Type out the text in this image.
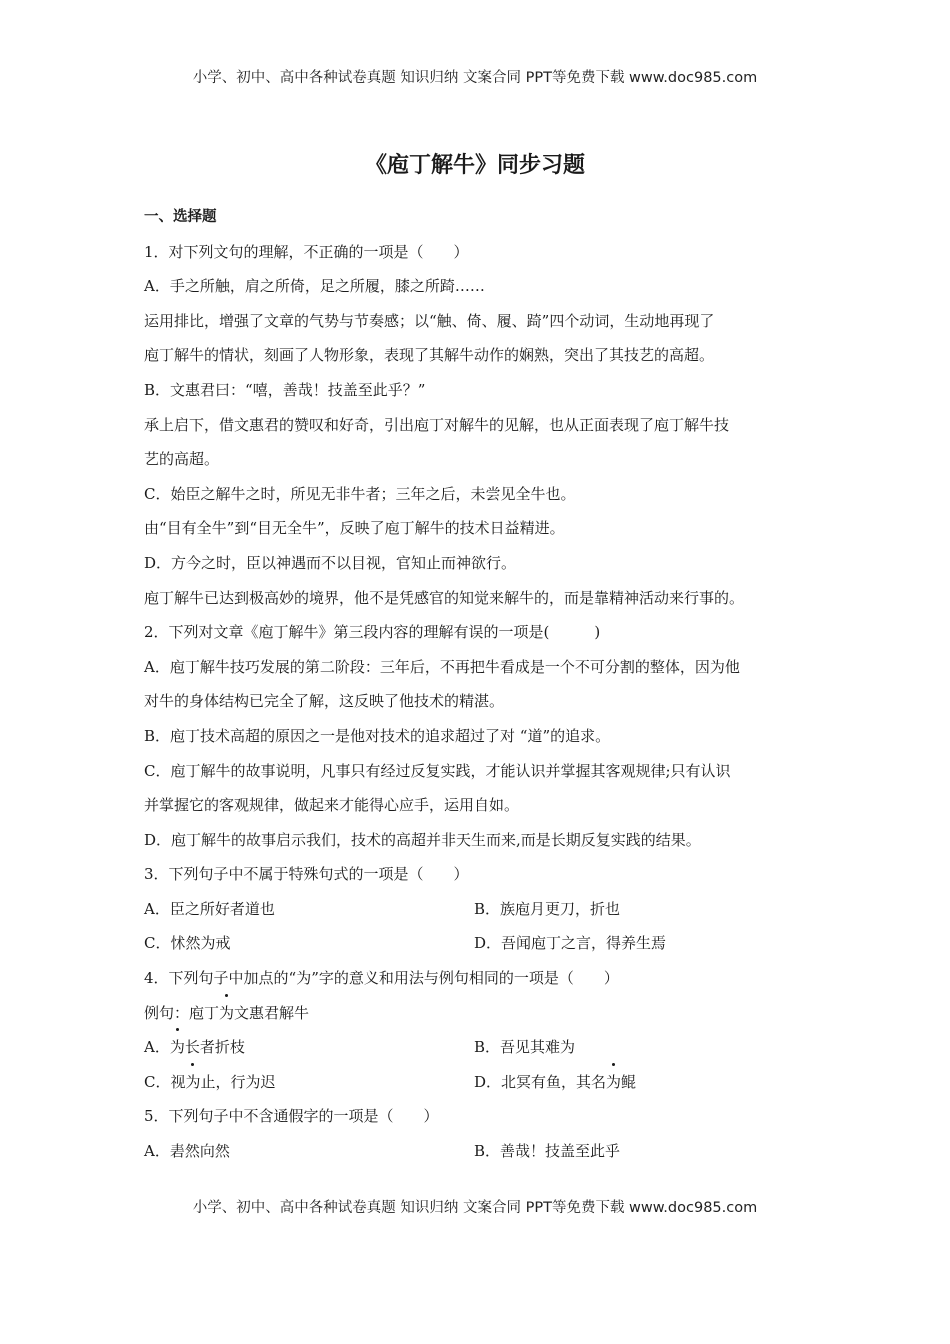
小学、初中、高中各种试卷真题 知识归纳 文案合同 PPT等免费下载 www.doc985.com
《庖丁解牛》同步习题
一、选择题
1．对下列文句的理解，不正确的一项是（　　）
A．手之所触，肩之所倚，足之所履，膝之所踦……
运用排比，增强了文章的气势与节奏感；以“触、倚、履、踦”四个动词，生动地再现了
庖丁解牛的情状，刻画了人物形象，表现了其解牛动作的娴熟，突出了其技艺的高超。
B．文惠君曰：“嘻，善哉！技盖至此乎？”
承上启下，借文惠君的赞叹和好奇，引出庖丁对解牛的见解，也从正面表现了庖丁解牛技
艺的高超。
C．始臣之解牛之时，所见无非牛者；三年之后，未尝见全牛也。
由“目有全牛”到“目无全牛”，反映了庖丁解牛的技术日益精进。
D．方今之时，臣以神遇而不以目视，官知止而神欲行。
庖丁解牛已达到极高妙的境界，他不是凭感官的知觉来解牛的，而是靠精神活动来行事的。
2．下列对文章《庖丁解牛》第三段内容的理解有误的一项是(　　　)
A．庖丁解牛技巧发展的第二阶段：三年后，不再把牛看成是一个不可分割的整体，因为他
对牛的身体结构已完全了解，这反映了他技术的精湛。
B．庖丁技术高超的原因之一是他对技术的追求超过了对 “道”的追求。
C．庖丁解牛的故事说明，凡事只有经过反复实践，才能认识并掌握其客观规律;只有认识
并掌握它的客观规律，做起来才能得心应手，运用自如。
D．庖丁解牛的故事启示我们，技术的高超并非天生而来,而是长期反复实践的结果。
3．下列句子中不属于特殊句式的一项是（　　）
A．臣之所好者道也	B．族庖月更刀，折也
C．怵然为戒	D．吾闻庖丁之言，得养生焉
4．下列句子中加点的“为”字的意义和用法与例句相同的一项是（　　）
例句：庖丁为文惠君解牛
A．为长者折枝	B．吾见其难为
C．视为止，行为迟	D．北冥有鱼，其名为鲲
5．下列句子中不含通假字的一项是（　　）
A．砉然向然	B．善哉！技盖至此乎
小学、初中、高中各种试卷真题 知识归纳 文案合同 PPT等免费下载 www.doc985.com
